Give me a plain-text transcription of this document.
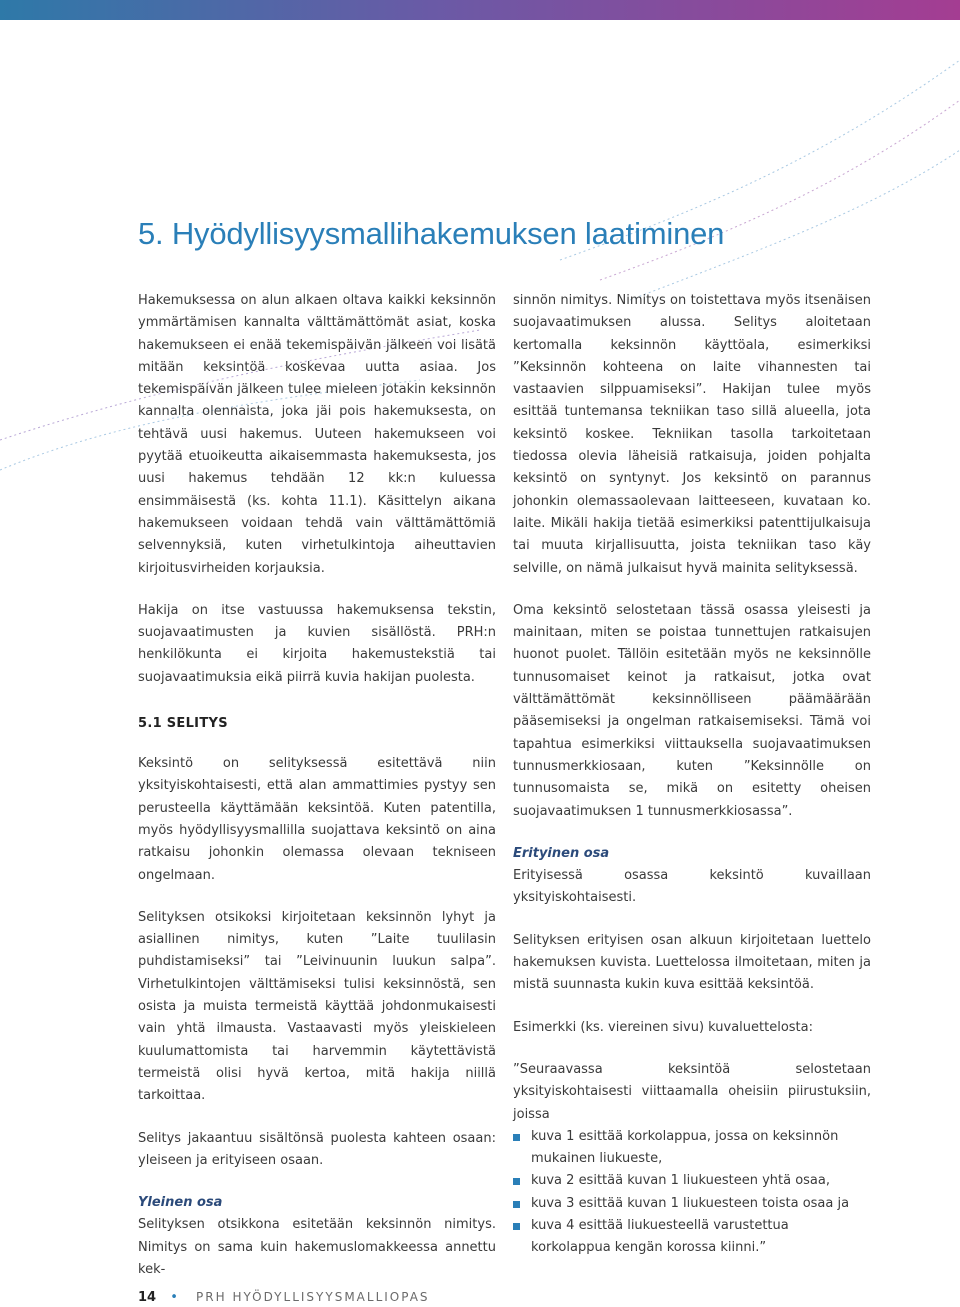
5. Hyödyllisyysmallihakemuksen laatiminen

Hakemuksessa on alun alkaen oltava kaikki keksinnön ymmärtämisen kannalta välttämättömät asiat, koska hakemukseen ei enää tekemispäivän jälkeen voi lisätä mitään keksintöä koskevaa uutta asiaa. Jos tekemispäivän jälkeen tulee mieleen jotakin keksinnön kannalta olennaista, joka jäi pois hakemuksesta, on tehtävä uusi hakemus. Uuteen hakemukseen voi pyytää etuoikeutta aikaisemmasta hakemuksesta, jos uusi hakemus tehdään 12 kk:n kuluessa ensimmäisestä (ks. kohta 11.1). Käsittelyn aikana hakemukseen voidaan tehdä vain välttämättömiä selvennyksiä, kuten virhetulkintoja aiheuttavien kirjoitusvirheiden korjauksia.

Hakija on itse vastuussa hakemuksensa tekstin, suojavaatimusten ja kuvien sisällöstä. PRH:n henkilökunta ei kirjoita hakemustekstiä tai suojavaatimuksia eikä piirrä kuvia hakijan puolesta.

5.1 SELITYS

Keksintö on selityksessä esitettävä niin yksityiskohtaisesti, että alan ammattimies pystyy sen perusteella käyttämään keksintöä. Kuten patentilla, myös hyödyllisyysmallilla suojattava keksintö on aina ratkaisu johonkin olemassa olevaan tekniseen ongelmaan.

Selityksen otsikoksi kirjoitetaan keksinnön lyhyt ja asiallinen nimitys, kuten ”Laite tuulilasin puhdistamiseksi” tai ”Leivinuunin luukun salpa”. Virhetulkintojen välttämiseksi tulisi keksinnöstä, sen osista ja muista termeistä käyttää johdonmukaisesti vain yhtä ilmausta. Vastaavasti myös yleiskieleen kuulumattomista tai harvemmin käytettävistä termeistä olisi hyvä kertoa, mitä hakija niillä tarkoittaa.

Selitys jakaantuu sisältönsä puolesta kahteen osaan: yleiseen ja erityiseen osaan.

Yleinen osa
Selityksen otsikkona esitetään keksinnön nimitys. Nimitys on sama kuin hakemuslomakkeessa annettu kek-

sinnön nimitys. Nimitys on toistettava myös itsenäisen suojavaatimuksen alussa. Selitys aloitetaan kertomalla keksinnön käyttöala, esimerkiksi ”Keksinnön kohteena on laite vihannesten tai vastaavien silppuamiseksi”. Hakijan tulee myös esittää tuntemansa tekniikan taso sillä alueella, jota keksintö koskee. Tekniikan tasolla tarkoitetaan tiedossa olevia läheisiä ratkaisuja, joiden pohjalta keksintö on syntynyt. Jos keksintö on parannus johonkin olemassaolevaan laitteeseen, kuvataan ko. laite. Mikäli hakija tietää esimerkiksi patenttijulkaisuja tai muuta kirjallisuutta, joista tekniikan taso käy selville, on nämä julkaisut hyvä mainita selityksessä.

Oma keksintö selostetaan tässä osassa yleisesti ja mainitaan, miten se poistaa tunnettujen ratkaisujen huonot puolet. Tällöin esitetään myös ne keksinnölle tunnusomaiset keinot ja ratkaisut, jotka ovat välttämättömät keksinnölliseen päämäärään pääsemiseksi ja ongelman ratkaisemiseksi. Tämä voi tapahtua esimerkiksi viittauksella suojavaatimuksen tunnusmerkkiosaan, kuten ”Keksinnölle on tunnusomaista se, mikä on esitetty oheisen suojavaatimuksen 1 tunnusmerkkiosassa”.

Erityinen osa
Erityisessä osassa keksintö kuvaillaan yksityiskohtaisesti.

Selityksen erityisen osan alkuun kirjoitetaan luettelo hakemuksen kuvista. Luettelossa ilmoitetaan, miten ja mistä suunnasta kukin kuva esittää keksintöä.

Esimerkki (ks. viereinen sivu) kuvaluettelosta:

”Seuraavassa keksintöä selostetaan yksityiskohtaisesti viittaamalla oheisiin piirustuksiin, joissa

kuva 1 esittää korkolappua, jossa on keksinnön mukainen liukueste,
kuva 2 esittää kuvan 1 liukuesteen yhtä osaa,
kuva 3 esittää kuvan 1 liukuesteen toista osaa ja
kuva 4 esittää liukuesteellä varustettua korkolappua kengän korossa kiinni.”
14 • PRH HYÖDYLLISYYSMALLIOPAS
